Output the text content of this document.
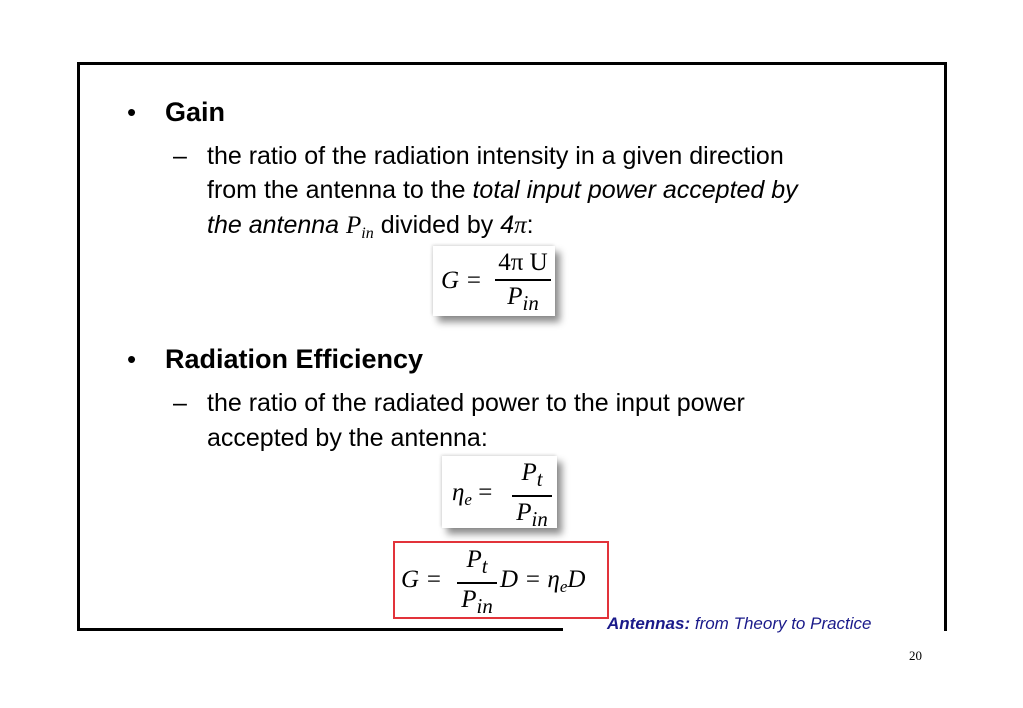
• Gain
– the ratio of the radiation intensity in a given direction
from the antenna to the total input power accepted by
the antenna $P_{in}$ divided by 4π:
G =
4π U
$P_{in}$
• Radiation Efficiency
– the ratio of the radiated power to the input power
accepted by the antenna:
$\eta_e$ =
$P_t$
$P_{in}$
G =
$P_t$
$P_{in}$
$D = \eta_eD$
Antennas: from Theory to Practice
20
